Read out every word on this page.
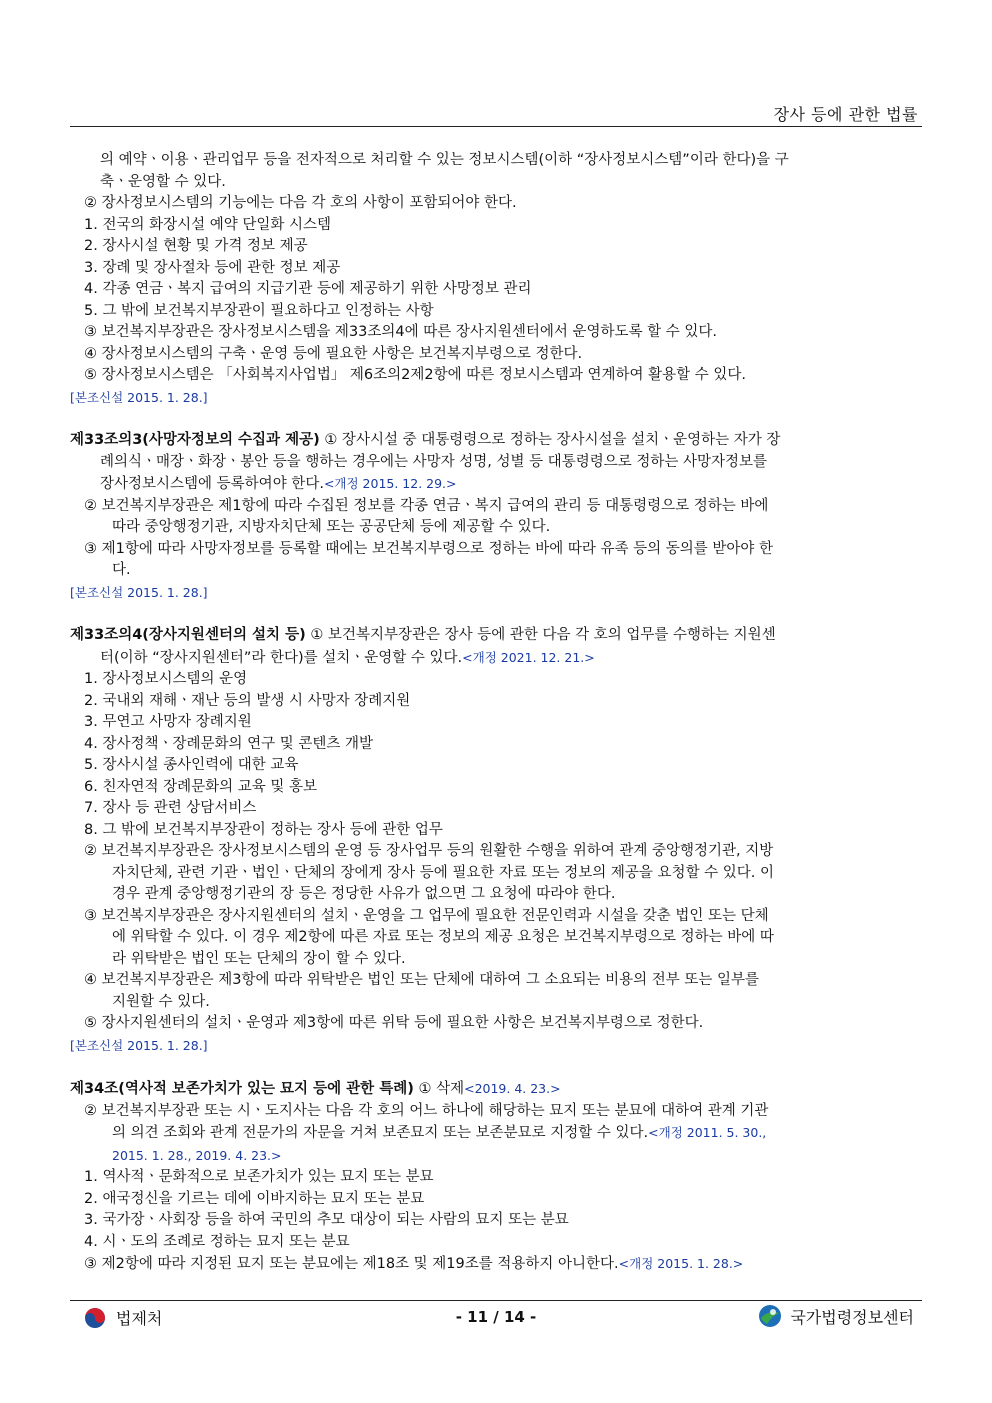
장사 등에 관한 법률
의 예약ㆍ이용ㆍ관리업무 등을 전자적으로 처리할 수 있는 정보시스템(이하 “장사정보시스템”이라 한다)을 구
축ㆍ운영할 수 있다.
② 장사정보시스템의 기능에는 다음 각 호의 사항이 포함되어야 한다.
1. 전국의 화장시설 예약 단일화 시스템
2. 장사시설 현황 및 가격 정보 제공
3. 장례 및 장사절차 등에 관한 정보 제공
4. 각종 연금ㆍ복지 급여의 지급기관 등에 제공하기 위한 사망정보 관리
5. 그 밖에 보건복지부장관이 필요하다고 인정하는 사항
③ 보건복지부장관은 장사정보시스템을 제33조의4에 따른 장사지원센터에서 운영하도록 할 수 있다.
④ 장사정보시스템의 구축ㆍ운영 등에 필요한 사항은 보건복지부령으로 정한다.
⑤ 장사정보시스템은 「사회복지사업법」 제6조의2제2항에 따른 정보시스템과 연계하여 활용할 수 있다.
[본조신설 2015. 1. 28.]
제33조의3(사망자정보의 수집과 제공) ① 장사시설 중 대통령령으로 정하는 장사시설을 설치ㆍ운영하는 자가 장
례의식ㆍ매장ㆍ화장ㆍ봉안 등을 행하는 경우에는 사망자 성명, 성별 등 대통령령으로 정하는 사망자정보를
장사정보시스템에 등록하여야 한다.<개정 2015. 12. 29.>
② 보건복지부장관은 제1항에 따라 수집된 정보를 각종 연금ㆍ복지 급여의 관리 등 대통령령으로 정하는 바에
따라 중앙행정기관, 지방자치단체 또는 공공단체 등에 제공할 수 있다.
③ 제1항에 따라 사망자정보를 등록할 때에는 보건복지부령으로 정하는 바에 따라 유족 등의 동의를 받아야 한
다.
[본조신설 2015. 1. 28.]
제33조의4(장사지원센터의 설치 등) ① 보건복지부장관은 장사 등에 관한 다음 각 호의 업무를 수행하는 지원센
터(이하 “장사지원센터”라 한다)를 설치ㆍ운영할 수 있다.<개정 2021. 12. 21.>
1. 장사정보시스템의 운영
2. 국내외 재해ㆍ재난 등의 발생 시 사망자 장례지원
3. 무연고 사망자 장례지원
4. 장사정책ㆍ장례문화의 연구 및 콘텐츠 개발
5. 장사시설 종사인력에 대한 교육
6. 친자연적 장례문화의 교육 및 홍보
7. 장사 등 관련 상담서비스
8. 그 밖에 보건복지부장관이 정하는 장사 등에 관한 업무
② 보건복지부장관은 장사정보시스템의 운영 등 장사업무 등의 원활한 수행을 위하여 관계 중앙행정기관, 지방
자치단체, 관련 기관ㆍ법인ㆍ단체의 장에게 장사 등에 필요한 자료 또는 정보의 제공을 요청할 수 있다. 이
경우 관계 중앙행정기관의 장 등은 정당한 사유가 없으면 그 요청에 따라야 한다.
③ 보건복지부장관은 장사지원센터의 설치ㆍ운영을 그 업무에 필요한 전문인력과 시설을 갖춘 법인 또는 단체
에 위탁할 수 있다. 이 경우 제2항에 따른 자료 또는 정보의 제공 요청은 보건복지부령으로 정하는 바에 따
라 위탁받은 법인 또는 단체의 장이 할 수 있다.
④ 보건복지부장관은 제3항에 따라 위탁받은 법인 또는 단체에 대하여 그 소요되는 비용의 전부 또는 일부를
지원할 수 있다.
⑤ 장사지원센터의 설치ㆍ운영과 제3항에 따른 위탁 등에 필요한 사항은 보건복지부령으로 정한다.
[본조신설 2015. 1. 28.]
제34조(역사적 보존가치가 있는 묘지 등에 관한 특례) ① 삭제<2019. 4. 23.>
② 보건복지부장관 또는 시ㆍ도지사는 다음 각 호의 어느 하나에 해당하는 묘지 또는 분묘에 대하여 관계 기관
의 의견 조회와 관계 전문가의 자문을 거쳐 보존묘지 또는 보존분묘로 지정할 수 있다.<개정 2011. 5. 30.,
2015. 1. 28., 2019. 4. 23.>
1. 역사적ㆍ문화적으로 보존가치가 있는 묘지 또는 분묘
2. 애국정신을 기르는 데에 이바지하는 묘지 또는 분묘
3. 국가장ㆍ사회장 등을 하여 국민의 추모 대상이 되는 사람의 묘지 또는 분묘
4. 시ㆍ도의 조례로 정하는 묘지 또는 분묘
③ 제2항에 따라 지정된 묘지 또는 분묘에는 제18조 및 제19조를 적용하지 아니한다.<개정 2015. 1. 28.>
법제처	- 11 / 14 -	국가법령정보센터
